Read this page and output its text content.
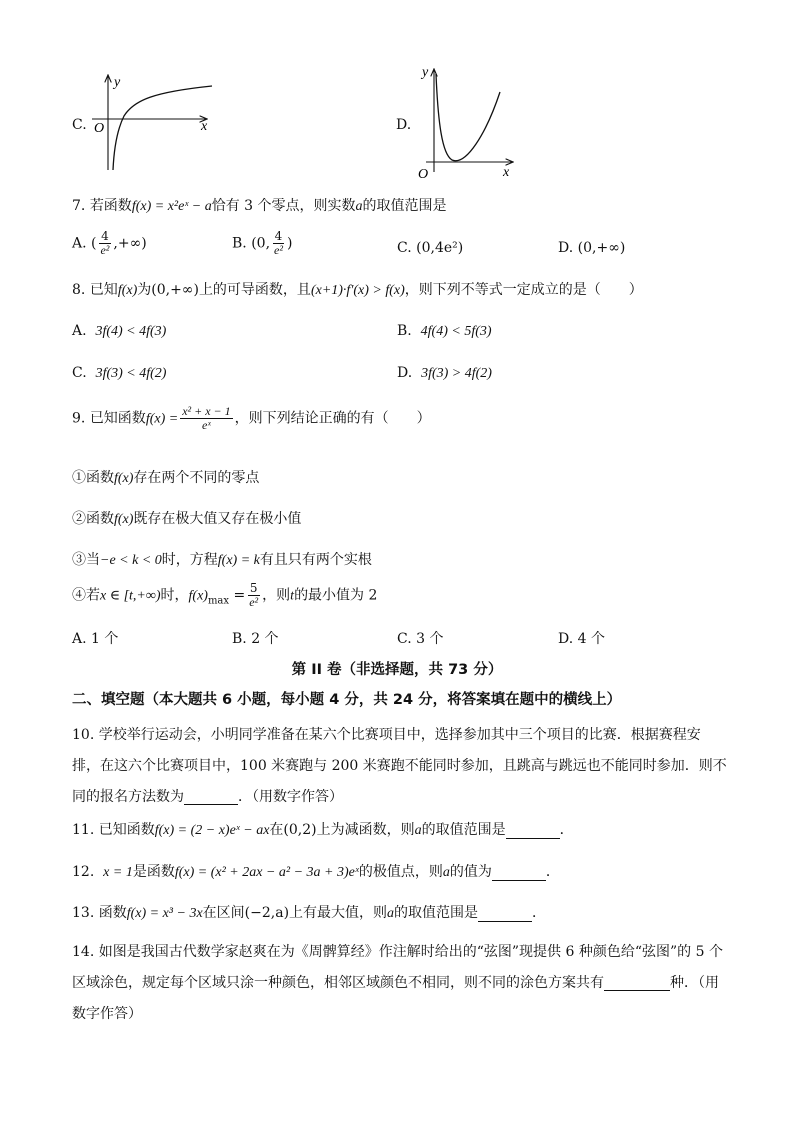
C.
y
x
O	D.
y
x
O
7. 若函数f(x) = x²eˣ − a恰有 3 个零点，则实数a的取值范围是
A. ( $\frac{4}{\text{e²}}$ ,+∞)	B. (0, $\frac{4}{\text{e²}}$ )	C. (0,4e²)	D. (0,+∞)
8. 已知f(x)为(0,+∞)上的可导函数，且(x+1)·f′(x) > f(x)，则下列不等式一定成立的是（　　）
A. 3f(4) < 4f(3)	B. 4f(4) < 5f(3)
C. 3f(3) < 4f(2)	D. 3f(3) > 4f(2)
9. 已知函数$f(x) = \frac{\text{x² + x − 1}}{\text{eˣ}}$ ，则下列结论正确的有（　　）
①函数f(x)存在两个不同的零点
②函数f(x)既存在极大值又存在极小值
③当−e < k < 0时，方程f(x) = k有且只有两个实根
④若x ∈ [t,+∞)时，$f(x)_{max} = \frac{5}{\text{e²}}$ ，则t的最小值为 2
A. 1 个	B. 2 个	C. 3 个	D. 4 个
第 II 卷（非选择题，共 73 分）
二、填空题（本大题共 6 小题，每小题 4 分，共 24 分，将答案填在题中的横线上）
10. 学校举行运动会，小明同学准备在某六个比赛项目中，选择参加其中三个项目的比赛．根据赛程安
排，在这六个比赛项目中，100 米赛跑与 200 米赛跑不能同时参加，且跳高与跳远也不能同时参加．则不
同的报名方法数为	．（用数字作答）
11. 已知函数f(x) = (2 − x)eˣ − ax在(0,2)上为减函数，则a的取值范围是	．
12. x = 1是函数f(x) = (x² + 2ax − a² − 3a + 3)eˣ的极值点，则a的值为	．
13. 函数f(x) = x³ − 3x在区间(−2,a)上有最大值，则a的取值范围是	．
14. 如图是我国古代数学家赵爽在为《周髀算经》作注解时给出的“弦图”现提供 6 种颜色给“弦图”的 5 个
区域涂色，规定每个区域只涂一种颜色，相邻区域颜色不相同，则不同的涂色方案共有	种．（用
数字作答）
